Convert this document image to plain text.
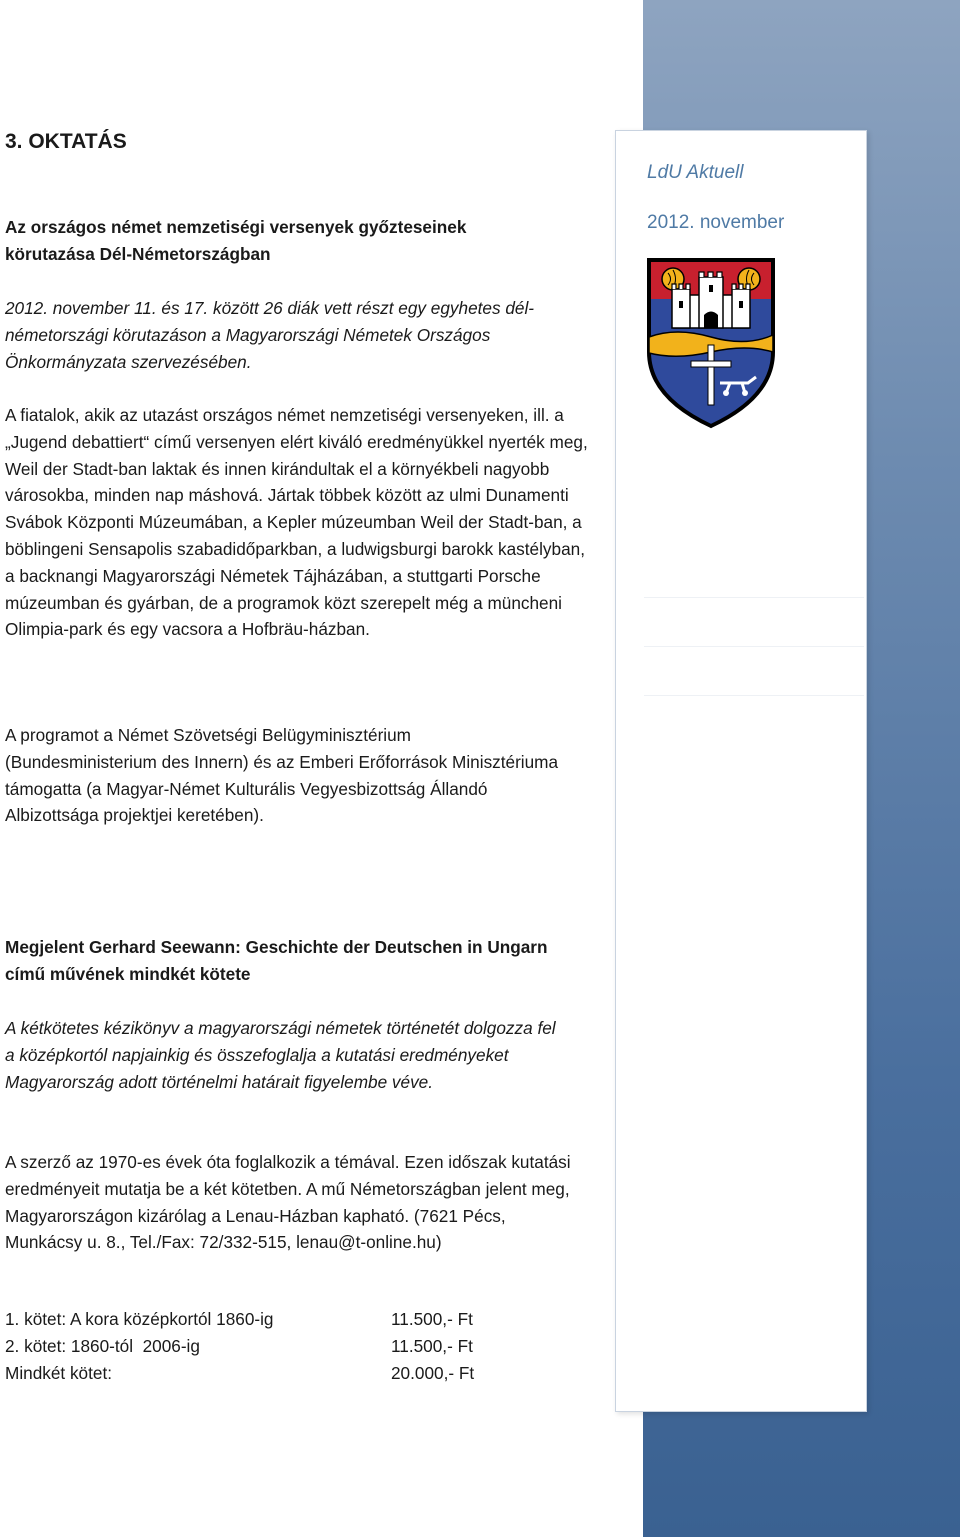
LdU Aktuell
2012. november
3. OKTATÁS
Az országos német nemzetiségi versenyek győzteseinek körutazása Dél-Németországban
2012. november 11. és 17. között 26 diák vett részt egy egyhetes dél-németországi körutazáson a Magyarországi Németek Országos Önkormányzata szervezésében.
A fiatalok, akik az utazást országos német nemzetiségi versenyeken, ill. a „Jugend debattiert“ című versenyen elért kiváló eredményükkel nyerték meg, Weil der Stadt-ban laktak és innen kirándultak el a környékbeli nagyobb városokba, minden nap máshová. Jártak többek között az ulmi Dunamenti Svábok Központi Múzeumában, a Kepler múzeumban Weil der Stadt-ban, a böblingeni Sensapolis szabadidőparkban, a ludwigsburgi barokk kastélyban, a backnangi Magyarországi Németek Tájházában, a stuttgarti Porsche múzeumban és gyárban, de a programok közt szerepelt még a müncheni Olimpia-park és egy vacsora a Hofbräu-házban.
A programot a Német Szövetségi Belügyminisztérium (Bundesministerium des Innern) és az Emberi Erőforrások Minisztériuma támogatta (a Magyar-Német Kulturális Vegyesbizottság Állandó Albizottsága projektjei keretében).
Megjelent Gerhard Seewann: Geschichte der Deutschen in Ungarn című művének mindkét kötete
A kétkötetes kézikönyv a magyarországi németek történetét dolgozza fel a középkortól napjainkig és összefoglalja a kutatási eredményeket Magyarország adott történelmi határait figyelembe véve.
A szerző az 1970-es évek óta foglalkozik a témával. Ezen időszak kutatási eredményeit mutatja be a két kötetben. A mű Németországban jelent meg, Magyarországon kizárólag a Lenau-Házban kapható. (7621 Pécs, Munkácsy u. 8., Tel./Fax: 72/332-515, lenau@t-online.hu)
1. kötet: A kora középkortól 1860-ig	11.500,- Ft
2. kötet: 1860-tól  2006-ig	11.500,- Ft
Mindkét kötet:	20.000,- Ft
